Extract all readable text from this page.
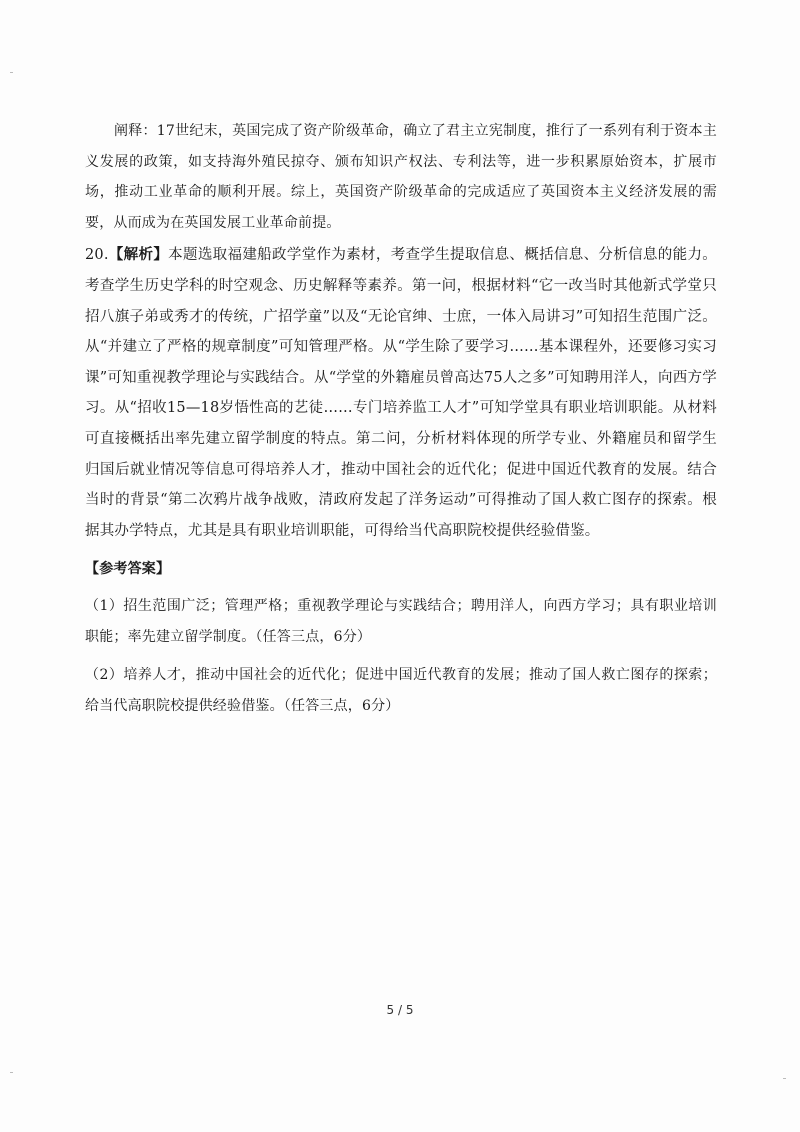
阐释：17世纪末，英国完成了资产阶级革命，确立了君主立宪制度，推行了一系列有利于资本主义发展的政策，如支持海外殖民掠夺、颁布知识产权法、专利法等，进一步积累原始资本，扩展市场，推动工业革命的顺利开展。综上，英国资产阶级革命的完成适应了英国资本主义经济发展的需要，从而成为在英国发展工业革命前提。

20.【解析】本题选取福建船政学堂作为素材，考查学生提取信息、概括信息、分析信息的能力。考查学生历史学科的时空观念、历史解释等素养。第一问，根据材料“它一改当时其他新式学堂只招八旗子弟或秀才的传统，广招学童”以及“无论官绅、士庶，一体入局讲习”可知招生范围广泛。从“并建立了严格的规章制度”可知管理严格。从“学生除了要学习……基本课程外，还要修习实习课”可知重视教学理论与实践结合。从“学堂的外籍雇员曾高达75人之多”可知聘用洋人，向西方学习。从“招收15—18岁悟性高的艺徒……专门培养监工人才”可知学堂具有职业培训职能。从材料可直接概括出率先建立留学制度的特点。第二问，分析材料体现的所学专业、外籍雇员和留学生归国后就业情况等信息可得培养人才，推动中国社会的近代化；促进中国近代教育的发展。结合当时的背景“第二次鸦片战争战败，清政府发起了洋务运动”可得推动了国人救亡图存的探索。根据其办学特点，尤其是具有职业培训职能，可得给当代高职院校提供经验借鉴。

【参考答案】

（1）招生范围广泛；管理严格；重视教学理论与实践结合；聘用洋人，向西方学习；具有职业培训职能；率先建立留学制度。（任答三点，6分）

（2）培养人才，推动中国社会的近代化；促进中国近代教育的发展；推动了国人救亡图存的探索；给当代高职院校提供经验借鉴。（任答三点，6分）

5 / 5
